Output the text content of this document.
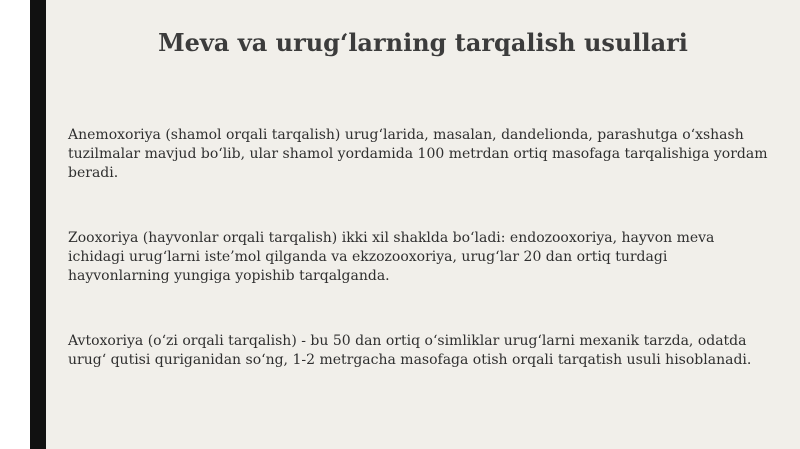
Meva va urug‘larning tarqalish usullari

Anemoxoriya (shamol orqali tarqalish) urug‘larida, masalan, dandeliondа, parashutga o‘xshash tuzilmalar mavjud bo‘lib, ular shamol yordamida 100 metrdan ortiq masofaga tarqalishiga yordam beradi.

Zooxoriya (hayvonlar orqali tarqalish) ikki xil shaklda bo‘ladi: endozooxoriya, hayvon meva ichidagi urug‘larni iste’mol qilganda va ekzozooxoriya, urug‘lar 20 dan ortiq turdagi hayvonlarning yungiga yopishib tarqalganda.

Avtoxoriya (o‘zi orqali tarqalish) - bu 50 dan ortiq o‘simliklar urug‘larni mexanik tarzda, odatda urug‘ qutisi quriganidan so‘ng, 1-2 metrgacha masofaga otish orqali tarqatish usuli hisoblanadi.
